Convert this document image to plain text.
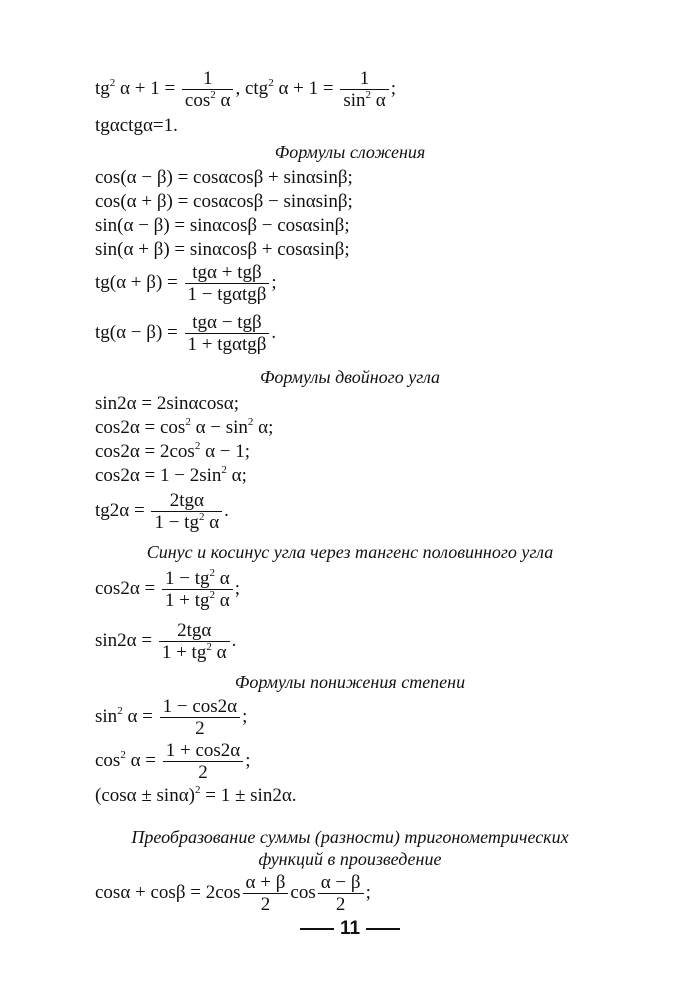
$tg^2$ $\alpha + 1 = \frac{1}{\cos^2 \alpha}$ , ctg$^2$ $\alpha + 1 = \frac{1}{\sin^2 \alpha}$ ;
tgαctgα=1.
Формулы сложения
cos(α − β) = cosαcosβ + sinαsinβ;
cos(α + β) = cosαcosβ − sinαsinβ;
sin(α − β) = sinαcosβ − cosαsinβ;
sin(α + β) = sinαcosβ + cosαsinβ;
tg(α + β) = tgα + tgβ
1 − tgαtgβ
;
tg(α − β) = tgα − tgβ
1 + tgαtgβ
.
Формулы двойного угла
sin2α = 2sinαcosα;
$\cos 2\alpha = \cos^2 \alpha - \sin^2 \alpha$;
$\cos 2\alpha = 2\cos^2$ α − 1;
$\cos 2\alpha = 1 - 2\sin^2$ α;
tg2α =	2tgα
$1 - tg^2$ α
.
Синус и косинус угла через тангенс половинного угла
$\cos 2\alpha = \frac{1 - tg^2 \alpha}{1 + tg^2 \alpha}$ ;
sin2α =	2tgα
$1 + tg^2$ α
.
Формулы понижения степени
$\sin^2 \alpha = \frac{1 - \cos 2\alpha}{2}$ ;
$\cos^2 \alpha = \frac{1 + \cos 2\alpha}{2}$ ;
$(\cos\alpha \pm \sin\alpha)^2 = 1 \pm \sin 2\alpha$.
Преобразование суммы (разности) тригонометрических
функций в произведение
$\cos\alpha + \cos\beta = 2\cos \frac{\alpha + \beta}{2}$ $\cos \frac{\alpha - \beta}{2}$ ;
11
